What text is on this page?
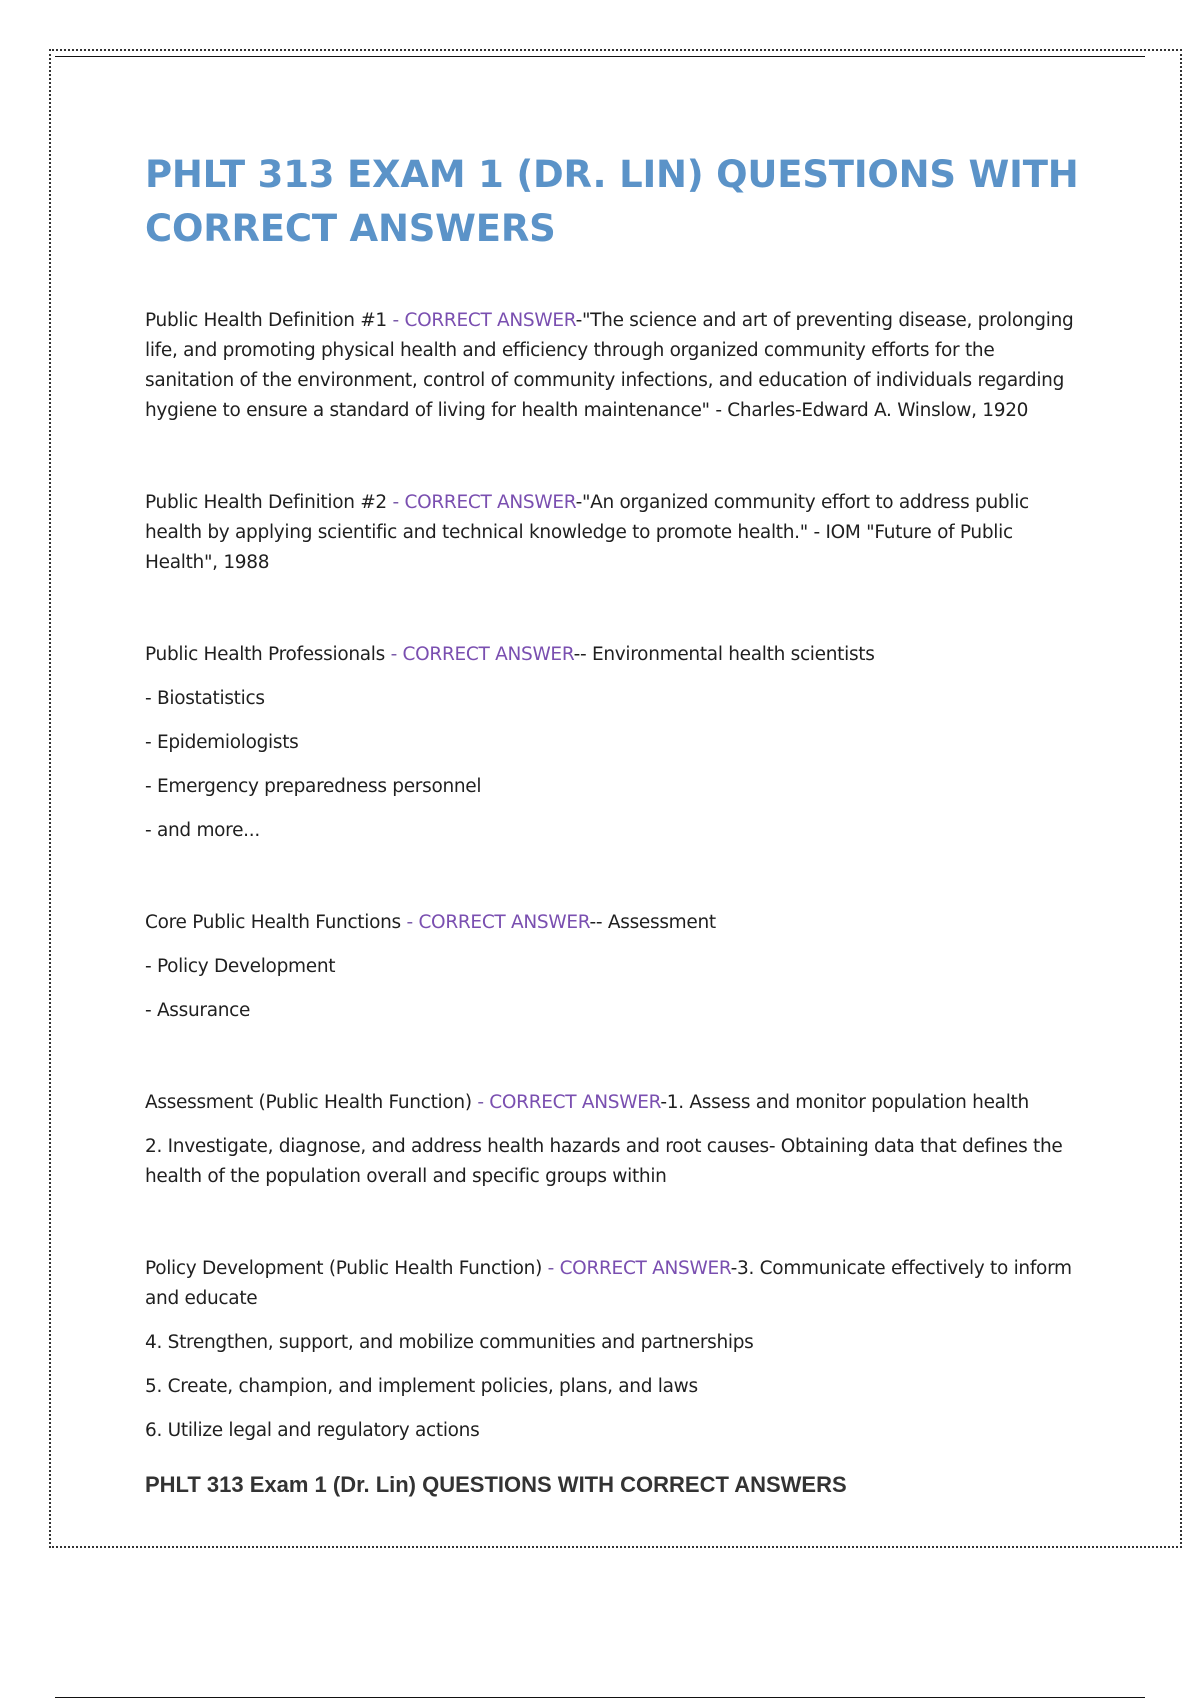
PHLT 313 EXAM 1 (DR. LIN) QUESTIONS WITH CORRECT ANSWERS

Public Health Definition #1 - CORRECT ANSWER-"The science and art of preventing disease, prolonging life, and promoting physical health and efficiency through organized community efforts for the sanitation of the environment, control of community infections, and education of individuals regarding hygiene to ensure a standard of living for health maintenance" - Charles-Edward A. Winslow, 1920

Public Health Definition #2 - CORRECT ANSWER-"An organized community effort to address public health by applying scientific and technical knowledge to promote health." - IOM "Future of Public Health", 1988

Public Health Professionals - CORRECT ANSWER-- Environmental health scientists

- Biostatistics

- Epidemiologists

- Emergency preparedness personnel

- and more...

Core Public Health Functions - CORRECT ANSWER-- Assessment

- Policy Development

- Assurance

Assessment (Public Health Function) - CORRECT ANSWER-1. Assess and monitor population health

2. Investigate, diagnose, and address health hazards and root causes- Obtaining data that defines the health of the population overall and specific groups within

Policy Development (Public Health Function) - CORRECT ANSWER-3. Communicate effectively to inform and educate

4. Strengthen, support, and mobilize communities and partnerships

5. Create, champion, and implement policies, plans, and laws

6. Utilize legal and regulatory actions

PHLT 313 Exam 1 (Dr. Lin) QUESTIONS WITH CORRECT ANSWERS
